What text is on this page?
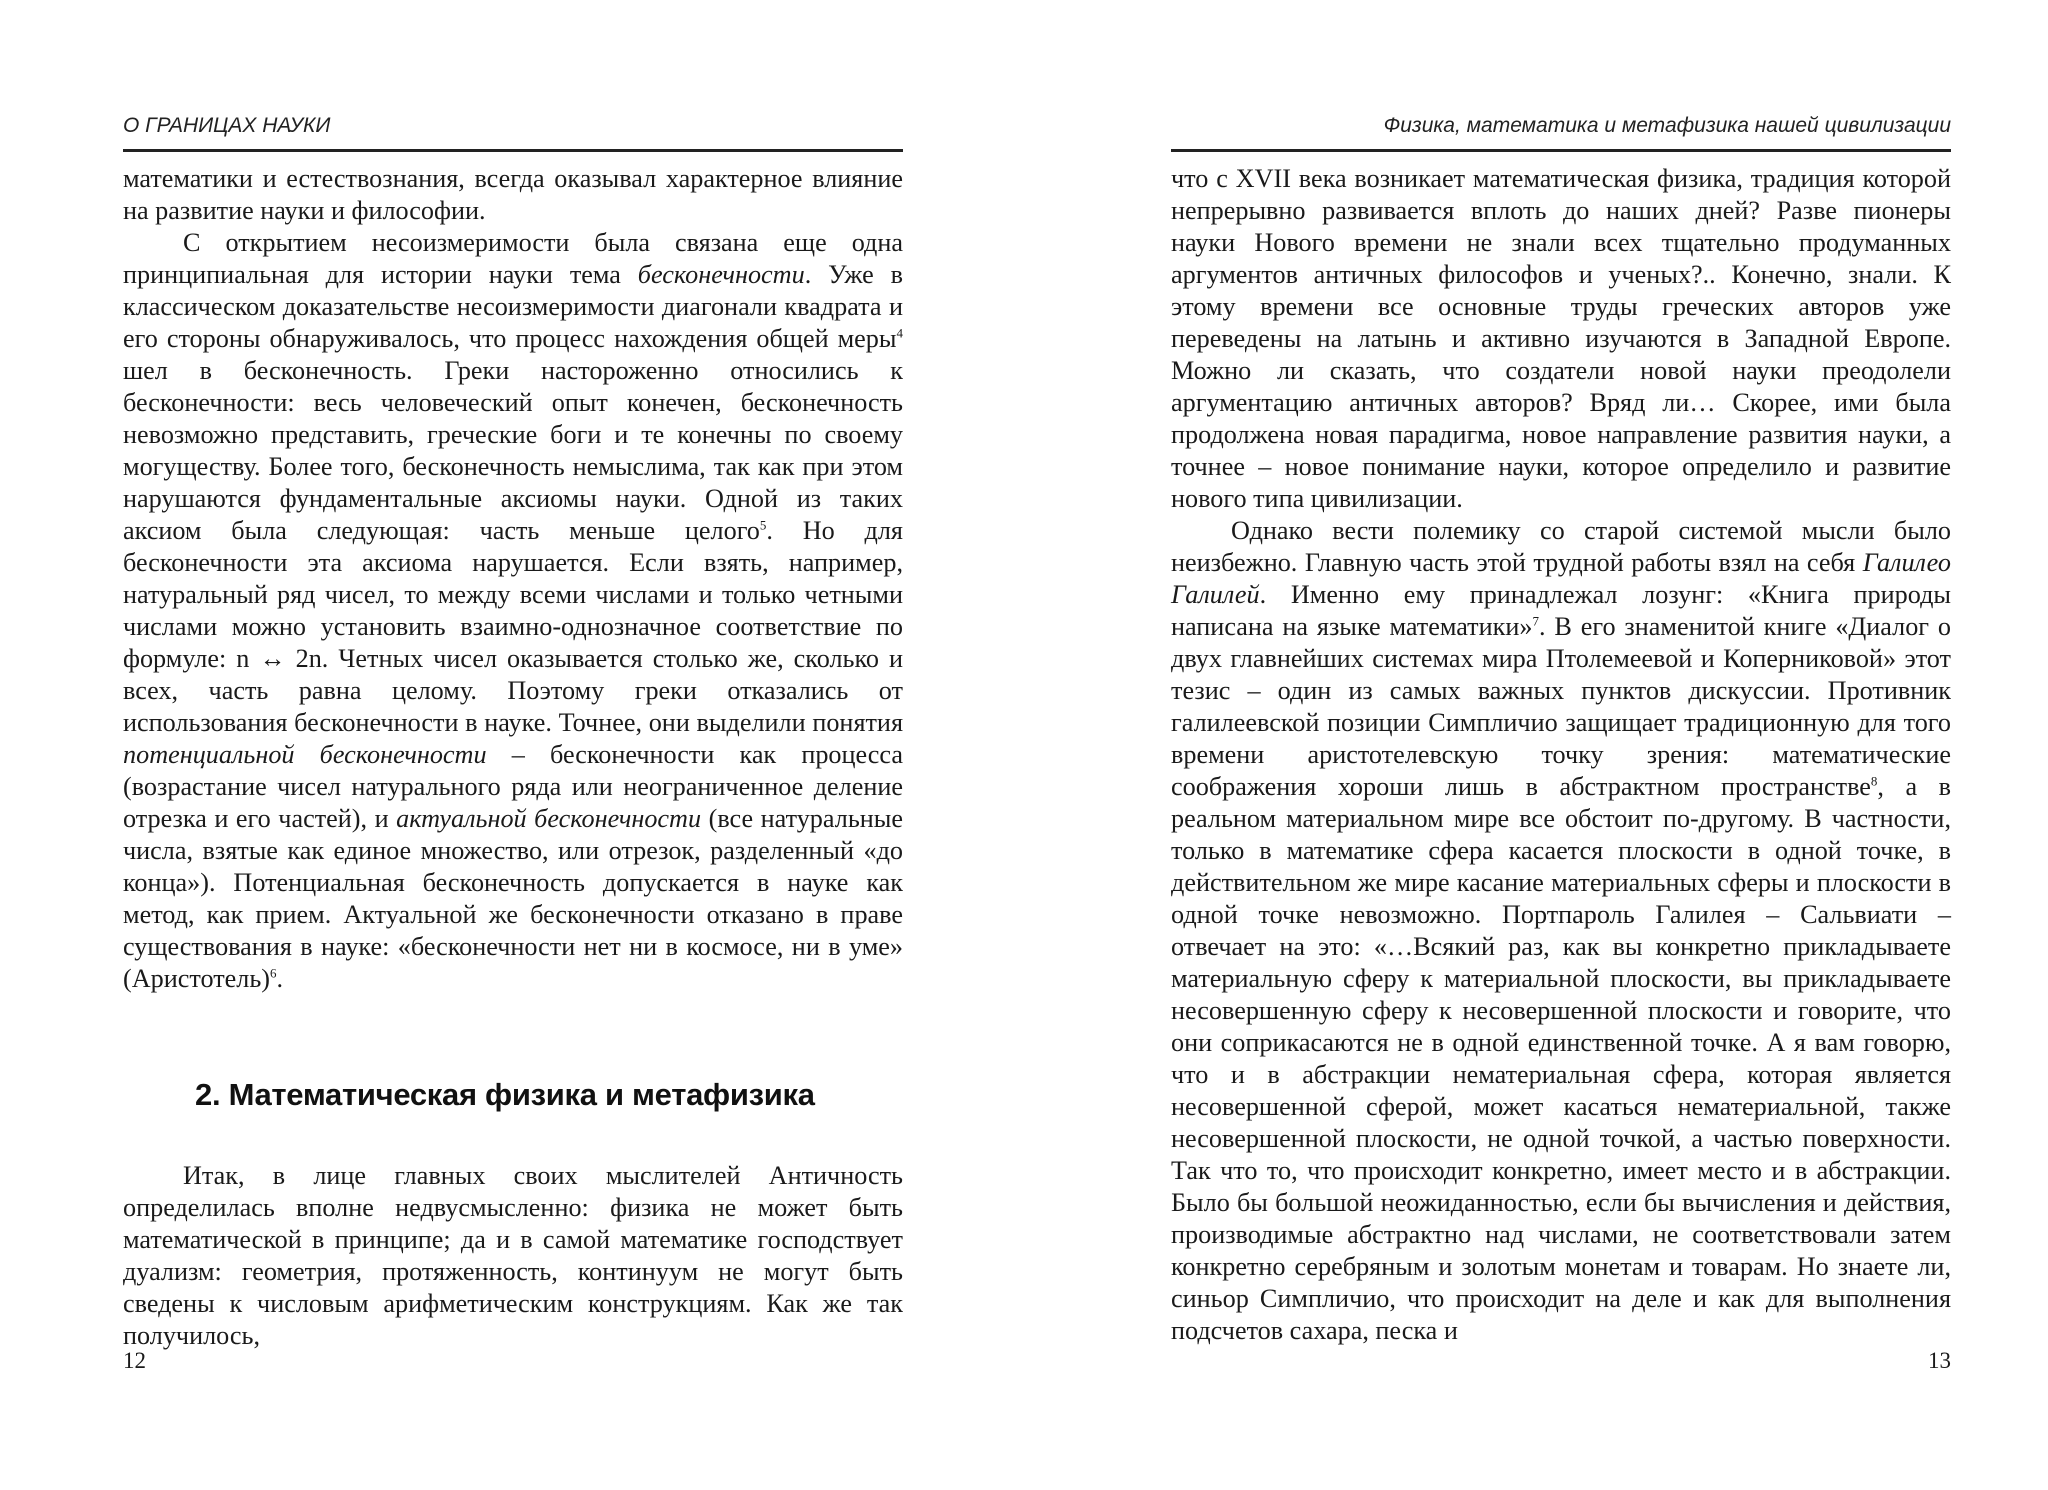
О ГРАНИЦАХ НАУКИ

математики и естествознания, всегда оказывал характерное влияние на развитие науки и философии.

С открытием несоизмеримости была связана еще одна принципиальная для истории науки тема бесконечности. Уже в классическом доказательстве несоизмеримости диагонали квадрата и его стороны обнаруживалось, что процесс нахождения общей меры$^4$ шел в бесконечность. Греки настороженно относились к бесконечности: весь человеческий опыт конечен, бесконечность невозможно представить, греческие боги и те конечны по своему могуществу. Более того, бесконечность немыслима, так как при этом нарушаются фундаментальные аксиомы науки. Одной из таких аксиом была следующая: часть меньше целого$^5$. Но для бесконечности эта аксиома нарушается. Если взять, например, натуральный ряд чисел, то между всеми числами и только четными числами можно установить взаимно-однозначное соответствие по формуле: n ↔ 2n. Четных чисел оказывается столько же, сколько и всех, часть равна целому. Поэтому греки отказались от использования бесконечности в науке. Точнее, они выделили понятия потенциальной бесконечности – бесконечности как процесса (возрастание чисел натурального ряда или неограниченное деление отрезка и его частей), и актуальной бесконечности (все натуральные числа, взятые как единое множество, или отрезок, разделенный «до конца»). Потенциальная бесконечность допускается в науке как метод, как прием. Актуальной же бесконечности отказано в праве существования в науке: «бесконечности нет ни в космосе, ни в уме» (Аристотель)$^6$.

2. Математическая физика и метафизика

Итак, в лице главных своих мыслителей Античность определилась вполне недвусмысленно: физика не может быть математической в принципе; да и в самой математике господствует дуализм: геометрия, протяженность, континуум не могут быть сведены к числовым арифметическим конструкциям. Как же так получилось,

12
Физика, математика и метафизика нашей цивилизации

что с XVII века возникает математическая физика, традиция которой непрерывно развивается вплоть до наших дней? Разве пионеры науки Нового времени не знали всех тщательно продуманных аргументов античных философов и ученых?.. Конечно, знали. К этому времени все основные труды греческих авторов уже переведены на латынь и активно изучаются в Западной Европе. Можно ли сказать, что создатели новой науки преодолели аргументацию античных авторов? Вряд ли… Скорее, ими была продолжена новая парадигма, новое направление развития науки, а точнее – новое понимание науки, которое определило и развитие нового типа цивилизации.

Однако вести полемику со старой системой мысли было неизбежно. Главную часть этой трудной работы взял на себя Галилео Галилей. Именно ему принадлежал лозунг: «Книга природы написана на языке математики»$^7$. В его знаменитой книге «Диалог о двух главнейших системах мира Птолемеевой и Коперниковой» этот тезис – один из самых важных пунктов дискуссии. Противник галилеевской позиции Симпличио защищает традиционную для того времени аристотелевскую точку зрения: математические соображения хороши лишь в абстрактном пространстве$^8$, а в реальном материальном мире все обстоит по-другому. В частности, только в математике сфера касается плоскости в одной точке, в действительном же мире касание материальных сферы и плоскости в одной точке невозможно. Портпароль Галилея – Сальвиати – отвечает на это: «…Всякий раз, как вы конкретно прикладываете материальную сферу к материальной плоскости, вы прикладываете несовершенную сферу к несовершенной плоскости и говорите, что они соприкасаются не в одной единственной точке. А я вам говорю, что и в абстракции нематериальная сфера, которая является несовершенной сферой, может касаться нематериальной, также несовершенной плоскости, не одной точкой, а частью поверхности. Так что то, что происходит конкретно, имеет место и в абстракции. Было бы большой неожиданностью, если бы вычисления и действия, производимые абстрактно над числами, не соответствовали затем конкретно серебряным и золотым монетам и товарам. Но знаете ли, синьор Симпличио, что происходит на деле и как для выполнения подсчетов сахара, песка и

13
